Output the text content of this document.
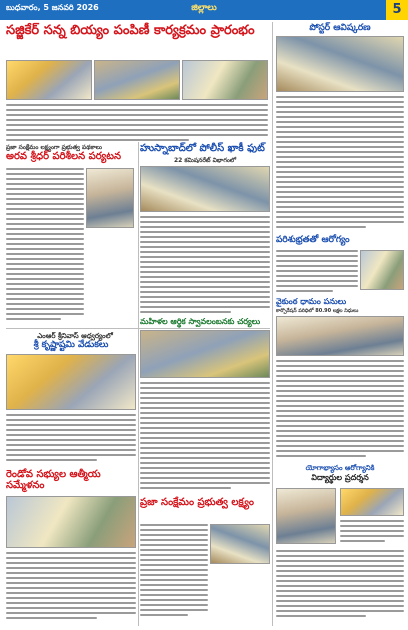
బుధవారం, 5 జనవరి 2026	జిల్లాలు	5
సజ్జికేర్ సన్న బియ్యం పంపిణీ కార్యక్రమం ప్రారంభం	పోస్టర్ ఆవిష్కరణ
ప్రజా సంక్షేమం లక్ష్యంగా ప్రభుత్వ పథకాలు
అరవ శ్రీధర్ పరిశీలన పర్యటన
హుస్నాబాద్‌లో పోలీస్ ఖాకీ ఫుట్
22 కమిషనరేట్ విభాగంలో
పరిశుభ్రతతో ఆరోగ్యం
వైకుంఠ ధామం పనులు
కార్పొరేషన్ పరిధిలో 80.90 లక్షల నిధులు
మహిళల ఆర్థిక స్వావలంబనకు చర్యలు
ఎంఆర్ శ్రీనివాస్ ఆధ్వర్యంలో
శ్రీ కృష్ణాష్టమి వేడుకలు
రెండోవ సభ్యుల ఆత్మీయ సమ్మేళనం
ప్రజా సంక్షేమం ప్రభుత్వ లక్ష్యం
యోగాభ్యాసం ఆరోగ్యానికి
విద్యార్థుల ప్రదర్శన
